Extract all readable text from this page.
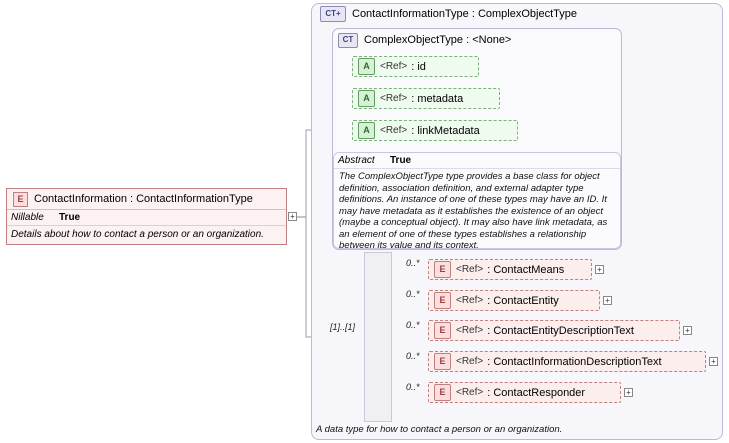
E ContactInformation : ContactInformationType
Nillable	True
Details about how to contact a person or an organization.
+
CT+	ContactInformationType : ComplexObjectType
CT ComplexObjectType : <None>
A	<Ref> : id
A	<Ref> : metadata
A	<Ref> : linkMetadata
Abstract	True
The ComplexObjectType type provides a base class for object definition, association definition, and external adapter type definitions. An instance of one of these types may have an ID. It may have metadata as it establishes the existence of an object (maybe a conceptual object). It may also have link metadata, as an element of one of these types establishes a relationship between its value and its context.
[1]..[1]
0..*
E	<Ref> : ContactMeans	+
0..*
E	<Ref> : ContactEntity	+
0..*	E	<Ref> : ContactEntityDescriptionText	+
0..*	E	<Ref> : ContactInformationDescriptionText	+
0..*	E	<Ref> : ContactResponder	+
A data type for how to contact a person or an organization.
